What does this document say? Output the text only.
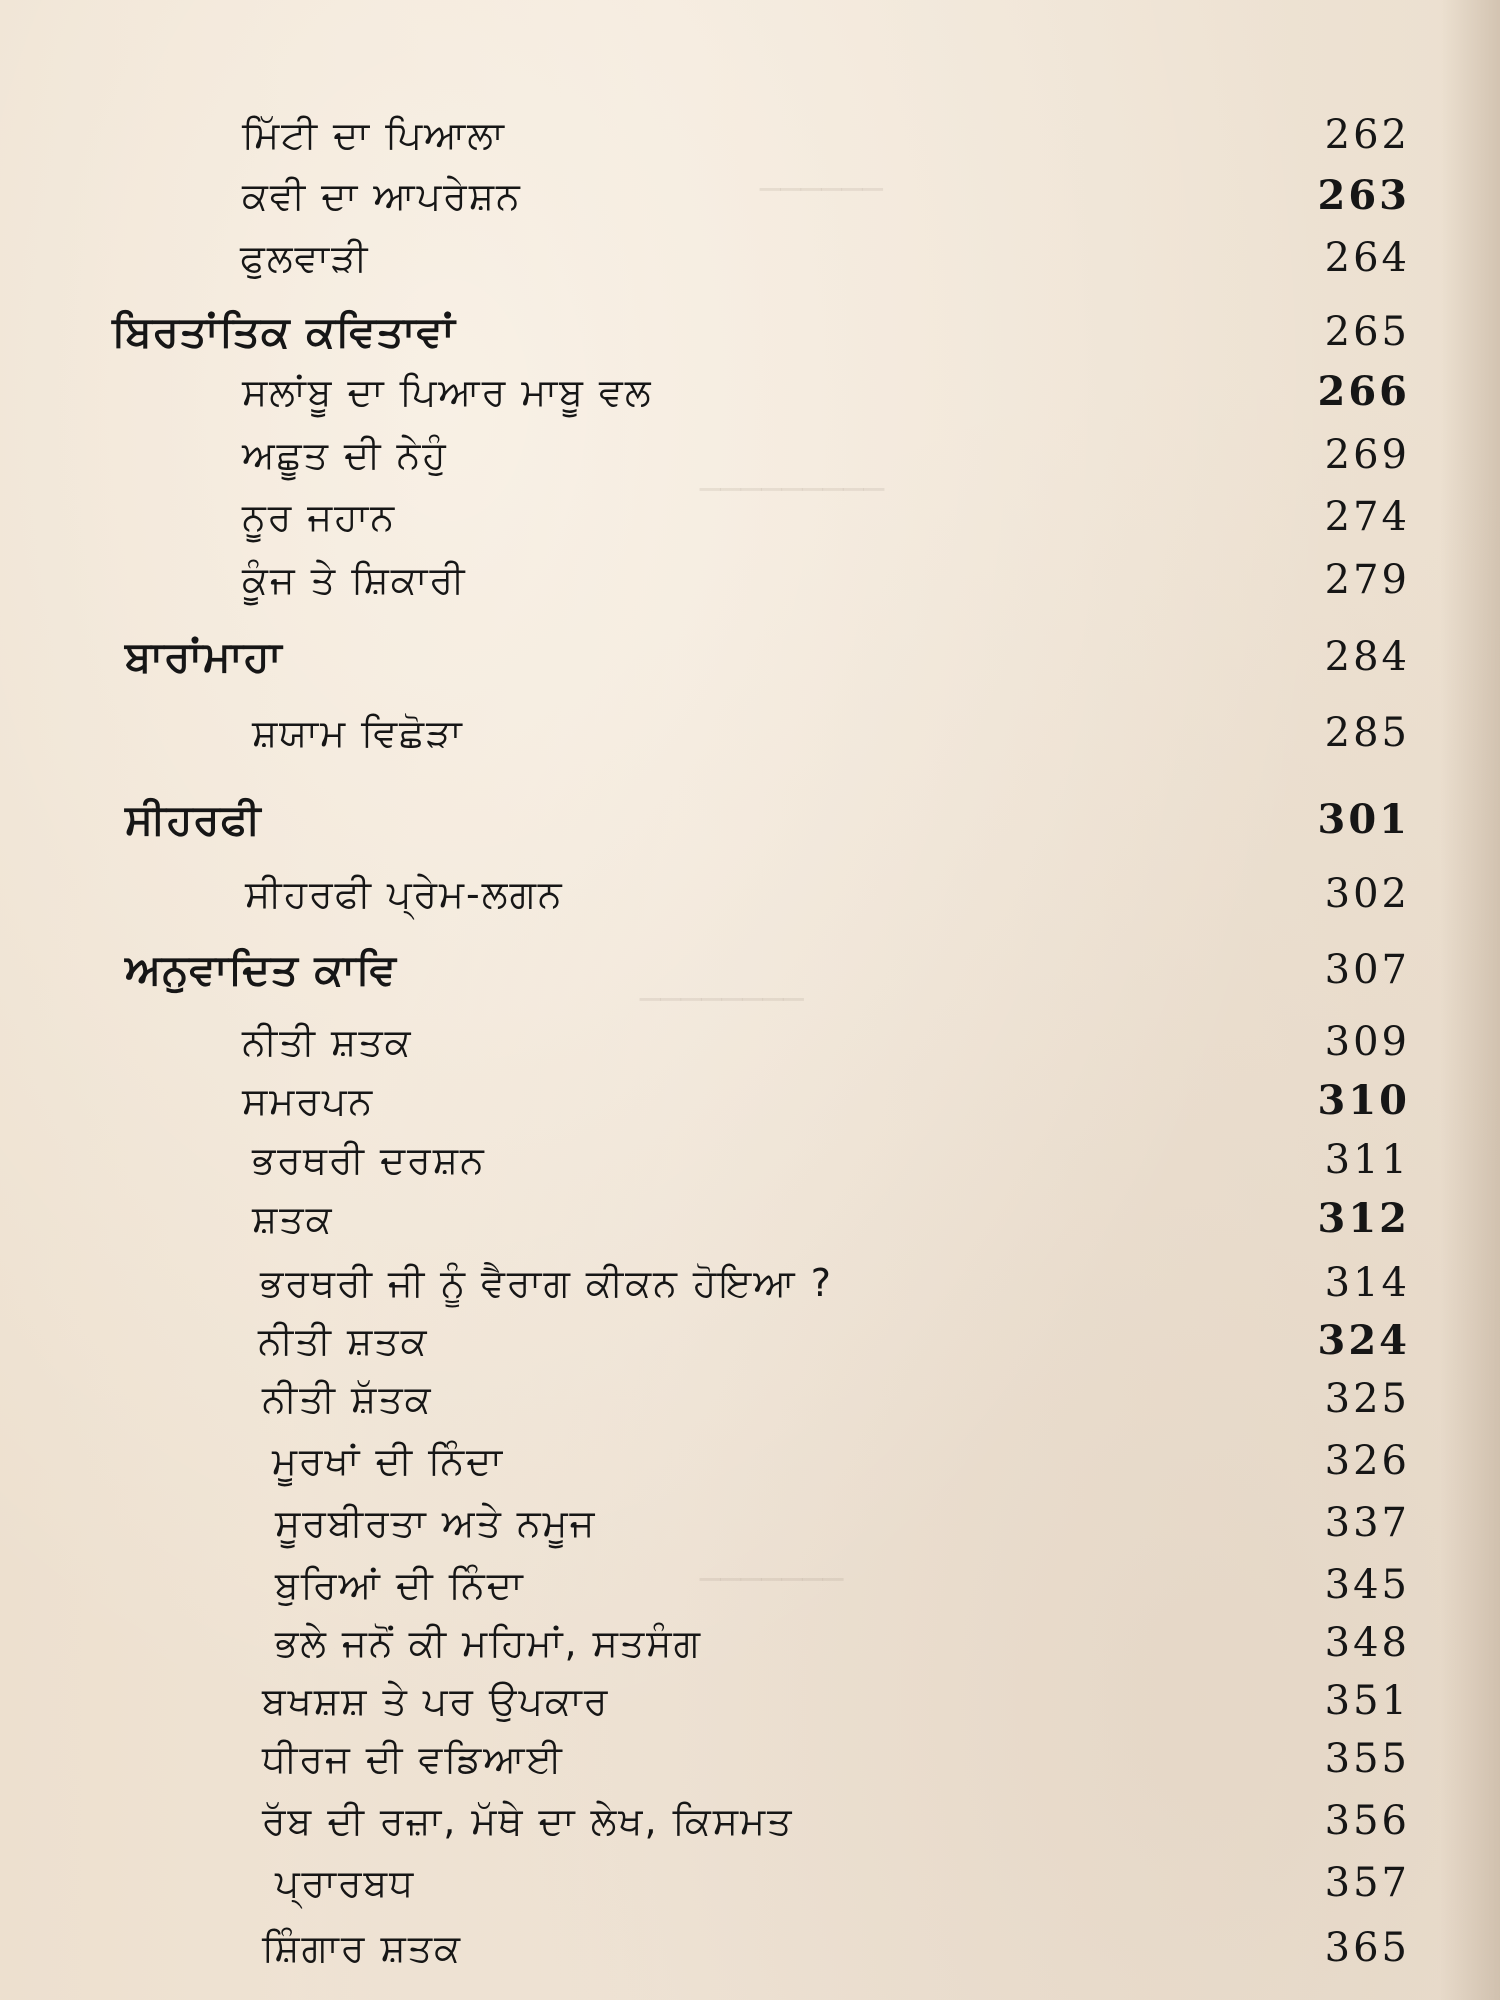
──────
─────────
────────
───────
ਮਿੱਟੀ ਦਾ ਪਿਆਲਾ	262
ਕਵੀ ਦਾ ਆਪਰੇਸ਼ਨ	263
ਫੁਲਵਾੜੀ	264
ਬਿਰਤਾਂਤਿਕ ਕਵਿਤਾਵਾਂ	265
ਸਲਾਂਬੂ ਦਾ ਪਿਆਰ ਮਾਬੂ ਵਲ	266
ਅਛੂਤ ਦੀ ਨੇਹੁੰ	269
ਨੂਰ ਜਹਾਨ	274
ਕੂੰਜ ਤੇ ਸ਼ਿਕਾਰੀ	279
ਬਾਰਾਂਮਾਹਾ	284
ਸ਼ਯਾਮ ਵਿਛੋੜਾ	285
ਸੀਹਰਫੀ	301
ਸੀਹਰਫੀ ਪ੍ਰੇਮ-ਲਗਨ	302
ਅਨੁਵਾਦਿਤ ਕਾਵਿ	307
ਨੀਤੀ ਸ਼ਤਕ	309
ਸਮਰਪਨ	310
ਭਰਥਰੀ ਦਰਸ਼ਨ	311
ਸ਼ਤਕ	312
ਭਰਥਰੀ ਜੀ ਨੂੰ ਵੈਰਾਗ ਕੀਕਨ ਹੋਇਆ ?	314
ਨੀਤੀ ਸ਼ਤਕ	324
ਨੀਤੀ ਸ਼ੱਤਕ	325
ਮੂਰਖਾਂ ਦੀ ਨਿੰਦਾ	326
ਸੂਰਬੀਰਤਾ ਅਤੇ ਨਮੂਜ	337
ਬੁਰਿਆਂ ਦੀ ਨਿੰਦਾ	345
ਭਲੇ ਜਨੋਂ ਕੀ ਮਹਿਮਾਂ, ਸਤਸੰਗ	348
ਬਖਸ਼ਸ਼ ਤੇ ਪਰ ਉਪਕਾਰ	351
ਧੀਰਜ ਦੀ ਵਡਿਆਈ	355
ਰੱਬ ਦੀ ਰਜ਼ਾ, ਮੱਥੇ ਦਾ ਲੇਖ, ਕਿਸਮਤ	356
ਪ੍ਰਾਰਬਧ	357
ਸ਼ਿੰਗਾਰ ਸ਼ਤਕ	365
